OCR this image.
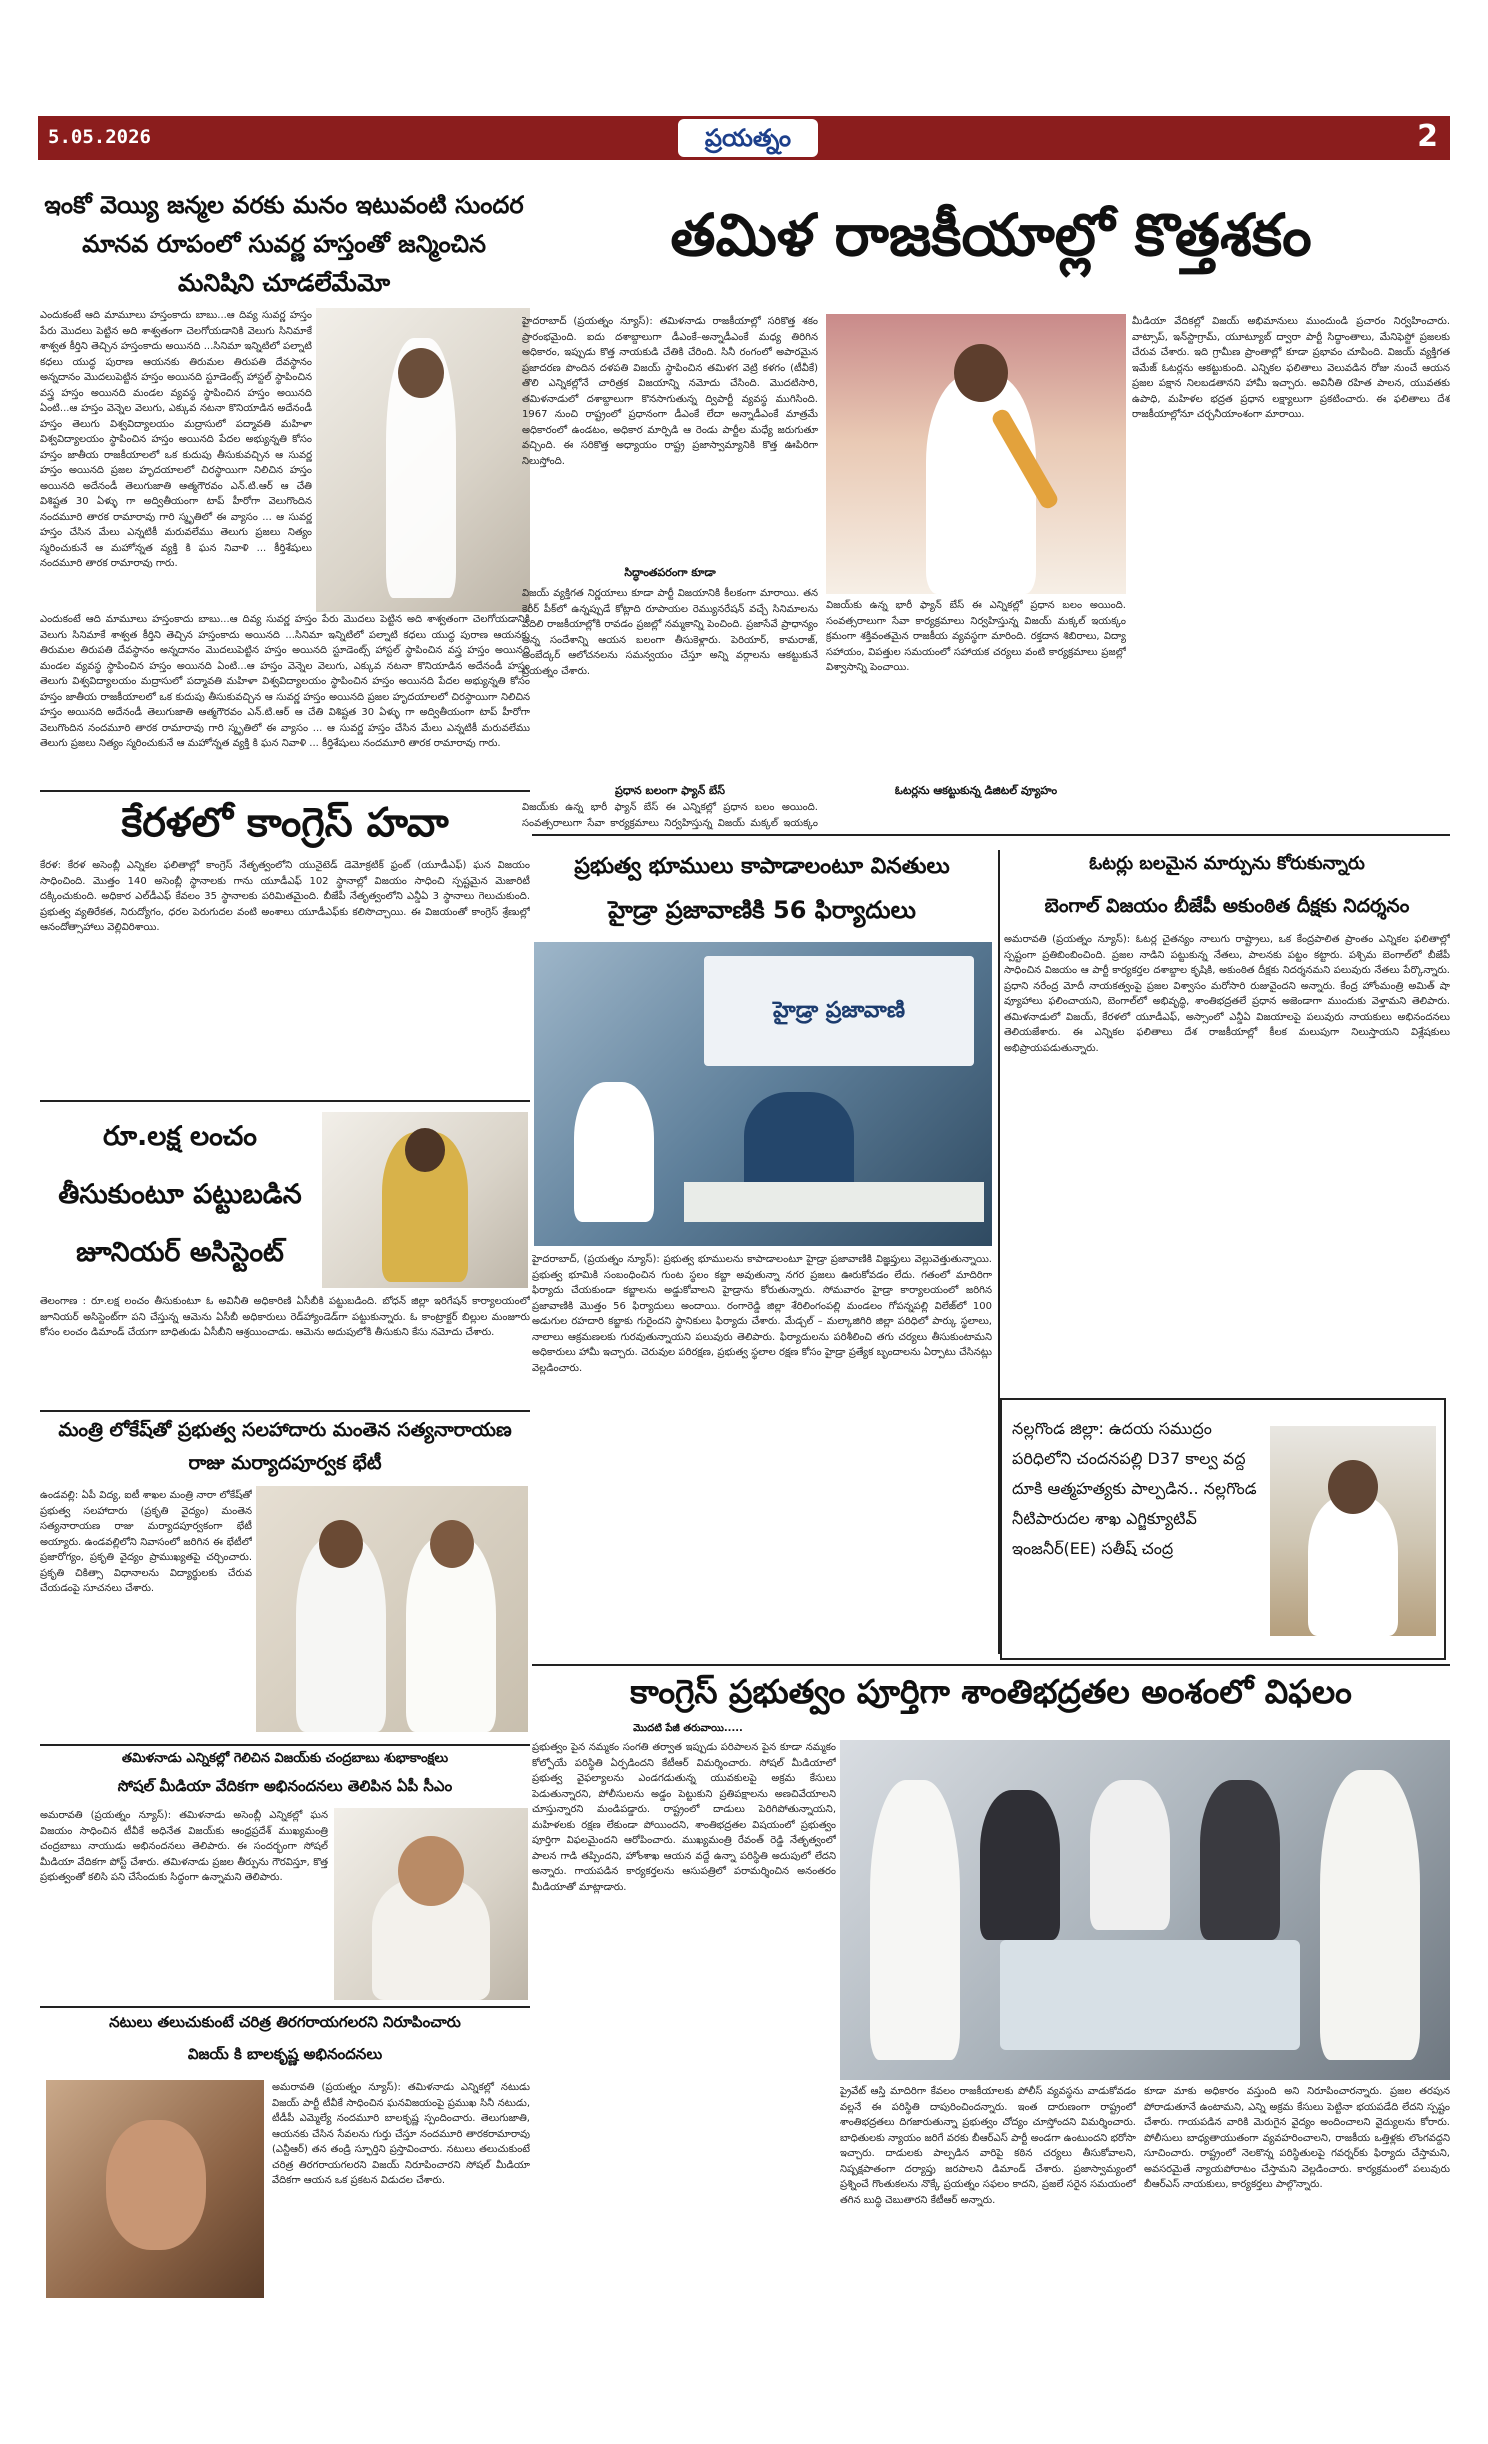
5.05.2026	ప్రయత్నం	2
ఇంకో వెయ్యి జన్మల వరకు మనం ఇటువంటి సుందర మానవ రూపంలో సువర్ణ హస్తంతో జన్మించిన మనిషిని చూడలేమేమో
ఎందుకంటే ఆది మామూలు హస్తంకాదు బాబు...ఆ దివ్య సువర్ణ హస్తం పేరు మొదలు పెట్టిన అది శాశ్వతంగా చెలగోయడానికి వెలుగు సినిమాకే శాశ్వత కీర్తిని తెచ్చిన హస్తంకాదు అయినది ...సినిమా ఇన్నిటిలో పల్నాటి కధలు యుద్ధ పురాణ ఆయనకు తిరుమల తిరుపతి దేవస్థానం అన్నదానం మొదలుపెట్టిన హస్తం అయినది స్టూడెంట్స్ హాస్టల్ స్థాపించిన వస్త్ర హస్తం అయినది మండల వ్యవస్థ స్థాపించిన హస్తం అయినది ఏంటి...ఆ హస్తం వెన్నెల వెలుగు, ఎక్కువ నటనా కొనియాడిన అదేనండీ హస్తం తెలుగు విశ్వవిద్యాలయం మద్రాసులో పద్మావతి మహిళా విశ్వవిద్యాలయం స్థాపించిన హస్తం అయినది పేదల అభ్యున్నతి కోసం హస్తం జాతీయ రాజకీయాలలో ఒక కుదుపు తీసుకువచ్చిన ఆ సువర్ణ హస్తం అయినది ప్రజల హృదయాలలో చిరస్థాయిగా నిలిచిన హస్తం అయినది అదేనండీ తెలుగుజాతి ఆత్మగౌరవం ఎన్.టి.ఆర్ ఆ చేతి విశిష్టత 30 ఏళ్ళు గా అద్వితీయంగా టాప్ హీరోగా వెలుగొందిన నందమూరి తారక రామారావు గారి స్మృతిలో ఈ వ్యాసం ... ఆ సువర్ణ హస్తం చేసిన మేలు ఎన్నటికీ మరువలేము తెలుగు ప్రజలు నిత్యం స్మరించుకునే ఆ మహోన్నత వ్యక్తి కి ఘన నివాళి ... కీర్తిశేషులు నందమూరి తారక రామారావు గారు.
ఎందుకంటే ఆది మామూలు హస్తంకాదు బాబు...ఆ దివ్య సువర్ణ హస్తం పేరు మొదలు పెట్టిన అది శాశ్వతంగా చెలగోయడానికి వెలుగు సినిమాకే శాశ్వత కీర్తిని తెచ్చిన హస్తంకాదు అయినది ...సినిమా ఇన్నిటిలో పల్నాటి కధలు యుద్ధ పురాణ ఆయనకు తిరుమల తిరుపతి దేవస్థానం అన్నదానం మొదలుపెట్టిన హస్తం అయినది స్టూడెంట్స్ హాస్టల్ స్థాపించిన వస్త్ర హస్తం అయినది మండల వ్యవస్థ స్థాపించిన హస్తం అయినది ఏంటి...ఆ హస్తం వెన్నెల వెలుగు, ఎక్కువ నటనా కొనియాడిన అదేనండీ హస్తం తెలుగు విశ్వవిద్యాలయం మద్రాసులో పద్మావతి మహిళా విశ్వవిద్యాలయం స్థాపించిన హస్తం అయినది పేదల అభ్యున్నతి కోసం హస్తం జాతీయ రాజకీయాలలో ఒక కుదుపు తీసుకువచ్చిన ఆ సువర్ణ హస్తం అయినది ప్రజల హృదయాలలో చిరస్థాయిగా నిలిచిన హస్తం అయినది అదేనండీ తెలుగుజాతి ఆత్మగౌరవం ఎన్.టి.ఆర్ ఆ చేతి విశిష్టత 30 ఏళ్ళు గా అద్వితీయంగా టాప్ హీరోగా వెలుగొందిన నందమూరి తారక రామారావు గారి స్మృతిలో ఈ వ్యాసం ... ఆ సువర్ణ హస్తం చేసిన మేలు ఎన్నటికీ మరువలేము తెలుగు ప్రజలు నిత్యం స్మరించుకునే ఆ మహోన్నత వ్యక్తి కి ఘన నివాళి ... కీర్తిశేషులు నందమూరి తారక రామారావు గారు.
కేరళలో కాంగ్రెస్ హవా
కేరళ: కేరళ అసెంబ్లీ ఎన్నికల ఫలితాల్లో కాంగ్రెస్ నేతృత్వంలోని యునైటెడ్ డెమోక్రటిక్ ఫ్రంట్ (యూడీఎఫ్) ఘన విజయం సాధించింది. మొత్తం 140 అసెంబ్లీ స్థానాలకు గాను యూడీఎఫ్ 102 స్థానాల్లో విజయం సాధించి స్పష్టమైన మెజారిటీ దక్కించుకుంది. అధికార ఎల్‌డీఎఫ్ కేవలం 35 స్థానాలకు పరిమితమైంది. బీజేపీ నేతృత్వంలోని ఎన్డీఏ 3 స్థానాలు గెలుచుకుంది. ప్రభుత్వ వ్యతిరేకత, నిరుద్యోగం, ధరల పెరుగుదల వంటి అంశాలు యూడీఎఫ్‌కు కలిసొచ్చాయి. ఈ విజయంతో కాంగ్రెస్ శ్రేణుల్లో ఆనందోత్సాహాలు వెల్లివిరిశాయి.
రూ.లక్ష లంచం తీసుకుంటూ పట్టుబడిన జూనియర్ అసిస్టెంట్
తెలంగాణ : రూ.లక్ష లంచం తీసుకుంటూ ఓ అవినీతి అధికారిణి ఏసీబీకి పట్టుబడింది. బోధన్ జిల్లా ఇరిగేషన్ కార్యాలయంలో జూనియర్ అసిస్టెంట్‌గా పని చేస్తున్న ఆమెను ఏసీబీ అధికారులు రెడ్‌హ్యాండెడ్‌గా పట్టుకున్నారు. ఓ కాంట్రాక్టర్ బిల్లుల మంజూరు కోసం లంచం డిమాండ్ చేయగా బాధితుడు ఏసీబీని ఆశ్రయించాడు. ఆమెను అదుపులోకి తీసుకుని కేసు నమోదు చేశారు.
మంత్రి లోకేష్‌తో ప్రభుత్వ సలహాదారు మంతెన సత్యనారాయణ రాజు మర్యాదపూర్వక భేటీ
ఉండవల్లి: ఏపీ విద్య, ఐటీ శాఖల మంత్రి నారా లోకేష్‌తో ప్రభుత్వ సలహాదారు (ప్రకృతి వైద్యం) మంతెన సత్యనారాయణ రాజు మర్యాదపూర్వకంగా భేటీ అయ్యారు. ఉండవల్లిలోని నివాసంలో జరిగిన ఈ భేటీలో ప్రజారోగ్యం, ప్రకృతి వైద్యం ప్రాముఖ్యతపై చర్చించారు. ప్రకృతి చికిత్సా విధానాలను విద్యార్థులకు చేరువ చేయడంపై సూచనలు చేశారు.
తమిళనాడు ఎన్నికల్లో గెలిచిన విజయ్‌కు చంద్రబాబు శుభాకాంక్షలు
సోషల్ మీడియా వేదికగా అభినందనలు తెలిపిన ఏపీ సీఎం
అమరావతి (ప్రయత్నం న్యూస్): తమిళనాడు అసెంబ్లీ ఎన్నికల్లో ఘన విజయం సాధించిన టీవీకే అధినేత విజయ్‌కు ఆంధ్రప్రదేశ్ ముఖ్యమంత్రి చంద్రబాబు నాయుడు అభినందనలు తెలిపారు. ఈ సందర్భంగా సోషల్ మీడియా వేదికగా పోస్ట్ చేశారు. తమిళనాడు ప్రజల తీర్పును గౌరవిస్తూ, కొత్త ప్రభుత్వంతో కలిసి పని చేసేందుకు సిద్ధంగా ఉన్నామని తెలిపారు.
నటులు తలుచుకుంటే చరిత్ర తిరగరాయగలరని నిరూపించారు
విజయ్ కి బాలకృష్ణ అభినందనలు
అమరావతి (ప్రయత్నం న్యూస్): తమిళనాడు ఎన్నికల్లో నటుడు విజయ్ పార్టీ టీవీకే సాధించిన ఘనవిజయంపై ప్రముఖ సినీ నటుడు, టీడీపీ ఎమ్మెల్యే నందమూరి బాలకృష్ణ స్పందించారు. తెలుగుజాతి, ఆయనకు చేసిన సేవలను గుర్తు చేస్తూ నందమూరి తారకరామారావు (ఎన్టీఆర్) తన తండ్రి స్ఫూర్తిని ప్రస్తావించారు. నటులు తలుచుకుంటే చరిత్ర తిరగరాయగలరని విజయ్ నిరూపించారని సోషల్ మీడియా వేదికగా ఆయన ఒక ప్రకటన విడుదల చేశారు.
తమిళ రాజకీయాల్లో కొత్తశకం
హైదరాబాద్ (ప్రయత్నం న్యూస్): తమిళనాడు రాజకీయాల్లో సరికొత్త శకం ప్రారంభమైంది. ఐదు దశాబ్దాలుగా డీఎంకే–అన్నాడీఎంకే మధ్య తిరిగిన అధికారం, ఇప్పుడు కొత్త నాయకుడి చేతికి చేరింది. సినీ రంగంలో అపారమైన ప్రజాదరణ పొందిన దళపతి విజయ్ స్థాపించిన తమిళగ వెట్రి కళగం (టీవీకే) తొలి ఎన్నికల్లోనే చారిత్రక విజయాన్ని నమోదు చేసింది. మొదటిసారి, తమిళనాడులో దశాబ్దాలుగా కొనసాగుతున్న ద్విపార్టీ వ్యవస్థ ముగిసింది. 1967 నుంచి రాష్ట్రంలో ప్రధానంగా డీఎంకే లేదా అన్నాడీఎంకే మాత్రమే అధికారంలో ఉండటం, అధికార మార్పిడి ఆ రెండు పార్టీల మధ్యే జరుగుతూ వచ్చింది. ఈ సరికొత్త అధ్యాయం రాష్ట్ర ప్రజాస్వామ్యానికి కొత్త ఊపిరిగా నిలుస్తోంది.
సిద్ధాంతపరంగా కూడా
విజయ్ వ్యక్తిగత నిర్ణయాలు కూడా పార్టీ విజయానికి కీలకంగా మారాయి. తన కెరీర్ పీక్‌లో ఉన్నప్పుడే కోట్లాది రూపాయల రెమ్యునరేషన్ వచ్చే సినిమాలను వదిలి రాజకీయాల్లోకి రావడం ప్రజల్లో నమ్మకాన్ని పెంచింది. ప్రజాసేవే ప్రాధాన్యం అన్న సందేశాన్ని ఆయన బలంగా తీసుకెళ్లారు. పెరియార్, కామరాజ్, అంబేద్కర్ ఆలోచనలను సమన్వయం చేస్తూ అన్ని వర్గాలను ఆకట్టుకునే ప్రయత్నం చేశారు.
ప్రధాన బలంగా ఫ్యాన్ బేస్
విజయ్‌కు ఉన్న భారీ ఫ్యాన్ బేస్ ఈ ఎన్నికల్లో ప్రధాన బలం అయింది. సంవత్సరాలుగా సేవా కార్యక్రమాలు నిర్వహిస్తున్న విజయ్ మక్కల్ ఇయక్కం
విజయ్‌కు ఉన్న భారీ ఫ్యాన్ బేస్ ఈ ఎన్నికల్లో ప్రధాన బలం అయింది. సంవత్సరాలుగా సేవా కార్యక్రమాలు నిర్వహిస్తున్న విజయ్ మక్కల్ ఇయక్కం క్రమంగా శక్తివంతమైన రాజకీయ వ్యవస్థగా మారింది. రక్తదాన శిబిరాలు, విద్యా సహాయం, విపత్తుల సమయంలో సహాయక చర్యలు వంటి కార్యక్రమాలు ప్రజల్లో విశ్వాసాన్ని పెంచాయి.
ఓటర్లను ఆకట్టుకున్న డిజిటల్ వ్యూహం
మీడియా వేదికల్లో విజయ్ అభిమానులు ముందుండి ప్రచారం నిర్వహించారు. వాట్సాప్, ఇన్‌స్టాగ్రామ్, యూట్యూబ్ ద్వారా పార్టీ సిద్ధాంతాలు, మేనిఫెస్టో ప్రజలకు చేరువ చేశారు. ఇది గ్రామీణ ప్రాంతాల్లో కూడా ప్రభావం చూపింది. విజయ్ వ్యక్తిగత ఇమేజ్ ఓటర్లను ఆకట్టుకుంది. ఎన్నికల ఫలితాలు వెలువడిన రోజు నుంచే ఆయన ప్రజల పక్షాన నిలబడతానని హామీ ఇచ్చారు. అవినీతి రహిత పాలన, యువతకు ఉపాధి, మహిళల భద్రత ప్రధాన లక్ష్యాలుగా ప్రకటించారు. ఈ ఫలితాలు దేశ రాజకీయాల్లోనూ చర్చనీయాంశంగా మారాయి.
ప్రభుత్వ భూములు కాపాడాలంటూ వినతులు
హైడ్రా ప్రజావాణికి 56 ఫిర్యాదులు
హైడ్రా ప్రజావాణి
హైదరాబాద్, (ప్రయత్నం న్యూస్): ప్రభుత్వ భూములను కాపాడాలంటూ హైడ్రా ప్రజావాణికి విజ్ఞప్తులు వెల్లువెత్తుతున్నాయి. ప్రభుత్వ భూమికి సంబంధించిన గుంట స్థలం కబ్జా అవుతున్నా నగర ప్రజలు ఊరుకోవడం లేదు. గతంలో మాదిరిగా ఫిర్యాదు చేయకుండా కబ్జాలను అడ్డుకోవాలని హైడ్రాను కోరుతున్నారు. సోమవారం హైడ్రా కార్యాలయంలో జరిగిన ప్రజావాణికి మొత్తం 56 ఫిర్యాదులు అందాయి. రంగారెడ్డి జిల్లా శేరిలింగంపల్లి మండలం గోపన్నపల్లి విలేజ్‌లో 100 అడుగుల రహదారి కబ్జాకు గురైందని స్థానికులు ఫిర్యాదు చేశారు. మేడ్చల్ – మల్కాజిగిరి జిల్లా పరిధిలో పార్కు స్థలాలు, నాలాలు ఆక్రమణలకు గురవుతున్నాయని పలువురు తెలిపారు. ఫిర్యాదులను పరిశీలించి తగు చర్యలు తీసుకుంటామని అధికారులు హామీ ఇచ్చారు. చెరువుల పరిరక్షణ, ప్రభుత్వ స్థలాల రక్షణ కోసం హైడ్రా ప్రత్యేక బృందాలను ఏర్పాటు చేసినట్లు వెల్లడించారు.
ఓటర్లు బలమైన మార్పును కోరుకున్నారు
బెంగాల్ విజయం బీజేపీ అకుంఠిత దీక్షకు నిదర్శనం
అమరావతి (ప్రయత్నం న్యూస్): ఓటర్ల చైతన్యం నాలుగు రాష్ట్రాలు, ఒక కేంద్రపాలిత ప్రాంతం ఎన్నికల ఫలితాల్లో స్పష్టంగా ప్రతిబింబించింది. ప్రజల నాడిని పట్టుకున్న నేతలు, పాలనకు పట్టం కట్టారు. పశ్చిమ బెంగాల్‌లో బీజేపీ సాధించిన విజయం ఆ పార్టీ కార్యకర్తల దశాబ్దాల కృషికి, అకుంఠిత దీక్షకు నిదర్శనమని పలువురు నేతలు పేర్కొన్నారు. ప్రధాని నరేంద్ర మోదీ నాయకత్వంపై ప్రజల విశ్వాసం మరోసారి రుజువైందని అన్నారు. కేంద్ర హోంమంత్రి అమిత్ షా వ్యూహాలు ఫలించాయని, బెంగాల్‌లో అభివృద్ధి, శాంతిభద్రతలే ప్రధాన అజెండాగా ముందుకు వెళ్తామని తెలిపారు. తమిళనాడులో విజయ్, కేరళలో యూడీఎఫ్, అస్సాంలో ఎన్డీఏ విజయాలపై పలువురు నాయకులు అభినందనలు తెలియజేశారు. ఈ ఎన్నికల ఫలితాలు దేశ రాజకీయాల్లో కీలక మలుపుగా నిలుస్తాయని విశ్లేషకులు అభిప్రాయపడుతున్నారు.
నల్లగొండ జిల్లా: ఉదయ సముద్రం పరిధిలోని చందనపల్లి D37 కాల్వ వద్ద దూకి ఆత్మహత్యకు పాల్పడిన.. నల్లగొండ నీటిపారుదల శాఖ ఎగ్జిక్యూటివ్ ఇంజనీర్(EE) సతీష్ చంద్ర
కాంగ్రెస్ ప్రభుత్వం పూర్తిగా శాంతిభద్రతల అంశంలో విఫలం
మొదటి పేజీ తరువాయి.....
ప్రభుత్వం పైన నమ్మకం సంగతి తర్వాత ఇప్పుడు పరిపాలన పైన కూడా నమ్మకం కోల్పోయే పరిస్థితి ఏర్పడిందని కేటీఆర్ విమర్శించారు. సోషల్ మీడియాలో ప్రభుత్వ వైఫల్యాలను ఎండగడుతున్న యువకులపై అక్రమ కేసులు పెడుతున్నారని, పోలీసులను అడ్డం పెట్టుకుని ప్రతిపక్షాలను అణచివేయాలని చూస్తున్నారని మండిపడ్డారు. రాష్ట్రంలో దాడులు పెరిగిపోతున్నాయని, మహిళలకు రక్షణ లేకుండా పోయిందని, శాంతిభద్రతల విషయంలో ప్రభుత్వం పూర్తిగా విఫలమైందని ఆరోపించారు. ముఖ్యమంత్రి రేవంత్ రెడ్డి నేతృత్వంలో పాలన గాడి తప్పిందని, హోంశాఖ ఆయన వద్దే ఉన్నా పరిస్థితి అదుపులో లేదని అన్నారు. గాయపడిన కార్యకర్తలను ఆసుపత్రిలో పరామర్శించిన అనంతరం మీడియాతో మాట్లాడారు.
ప్రైవేట్ ఆస్తి మాదిరిగా కేవలం రాజకీయాలకు పోలీస్ వ్యవస్థను వాడుకోవడం వల్లనే ఈ పరిస్థితి దాపురించిందన్నారు. ఇంత దారుణంగా రాష్ట్రంలో శాంతిభద్రతలు దిగజారుతున్నా ప్రభుత్వం చోద్యం చూస్తోందని విమర్శించారు. బాధితులకు న్యాయం జరిగే వరకు బీఆర్ఎస్ పార్టీ అండగా ఉంటుందని భరోసా ఇచ్చారు. దాడులకు పాల్పడిన వారిపై కఠిన చర్యలు తీసుకోవాలని, నిష్పక్షపాతంగా దర్యాప్తు జరపాలని డిమాండ్ చేశారు. ప్రజాస్వామ్యంలో ప్రశ్నించే గొంతుకలను నొక్కే ప్రయత్నం సఫలం కాదని, ప్రజలే సరైన సమయంలో తగిన బుద్ధి చెబుతారని కేటీఆర్ అన్నారు.
కూడా మాకు అధికారం వస్తుంది అని నిరూపించారన్నారు. ప్రజల తరపున పోరాడుతూనే ఉంటామని, ఎన్ని అక్రమ కేసులు పెట్టినా భయపడేది లేదని స్పష్టం చేశారు. గాయపడిన వారికి మెరుగైన వైద్యం అందించాలని వైద్యులను కోరారు. పోలీసులు బాధ్యతాయుతంగా వ్యవహరించాలని, రాజకీయ ఒత్తిళ్లకు లొంగవద్దని సూచించారు. రాష్ట్రంలో నెలకొన్న పరిస్థితులపై గవర్నర్‌కు ఫిర్యాదు చేస్తామని, అవసరమైతే న్యాయపోరాటం చేస్తామని వెల్లడించారు. కార్యక్రమంలో పలువురు బీఆర్ఎస్ నాయకులు, కార్యకర్తలు పాల్గొన్నారు.
